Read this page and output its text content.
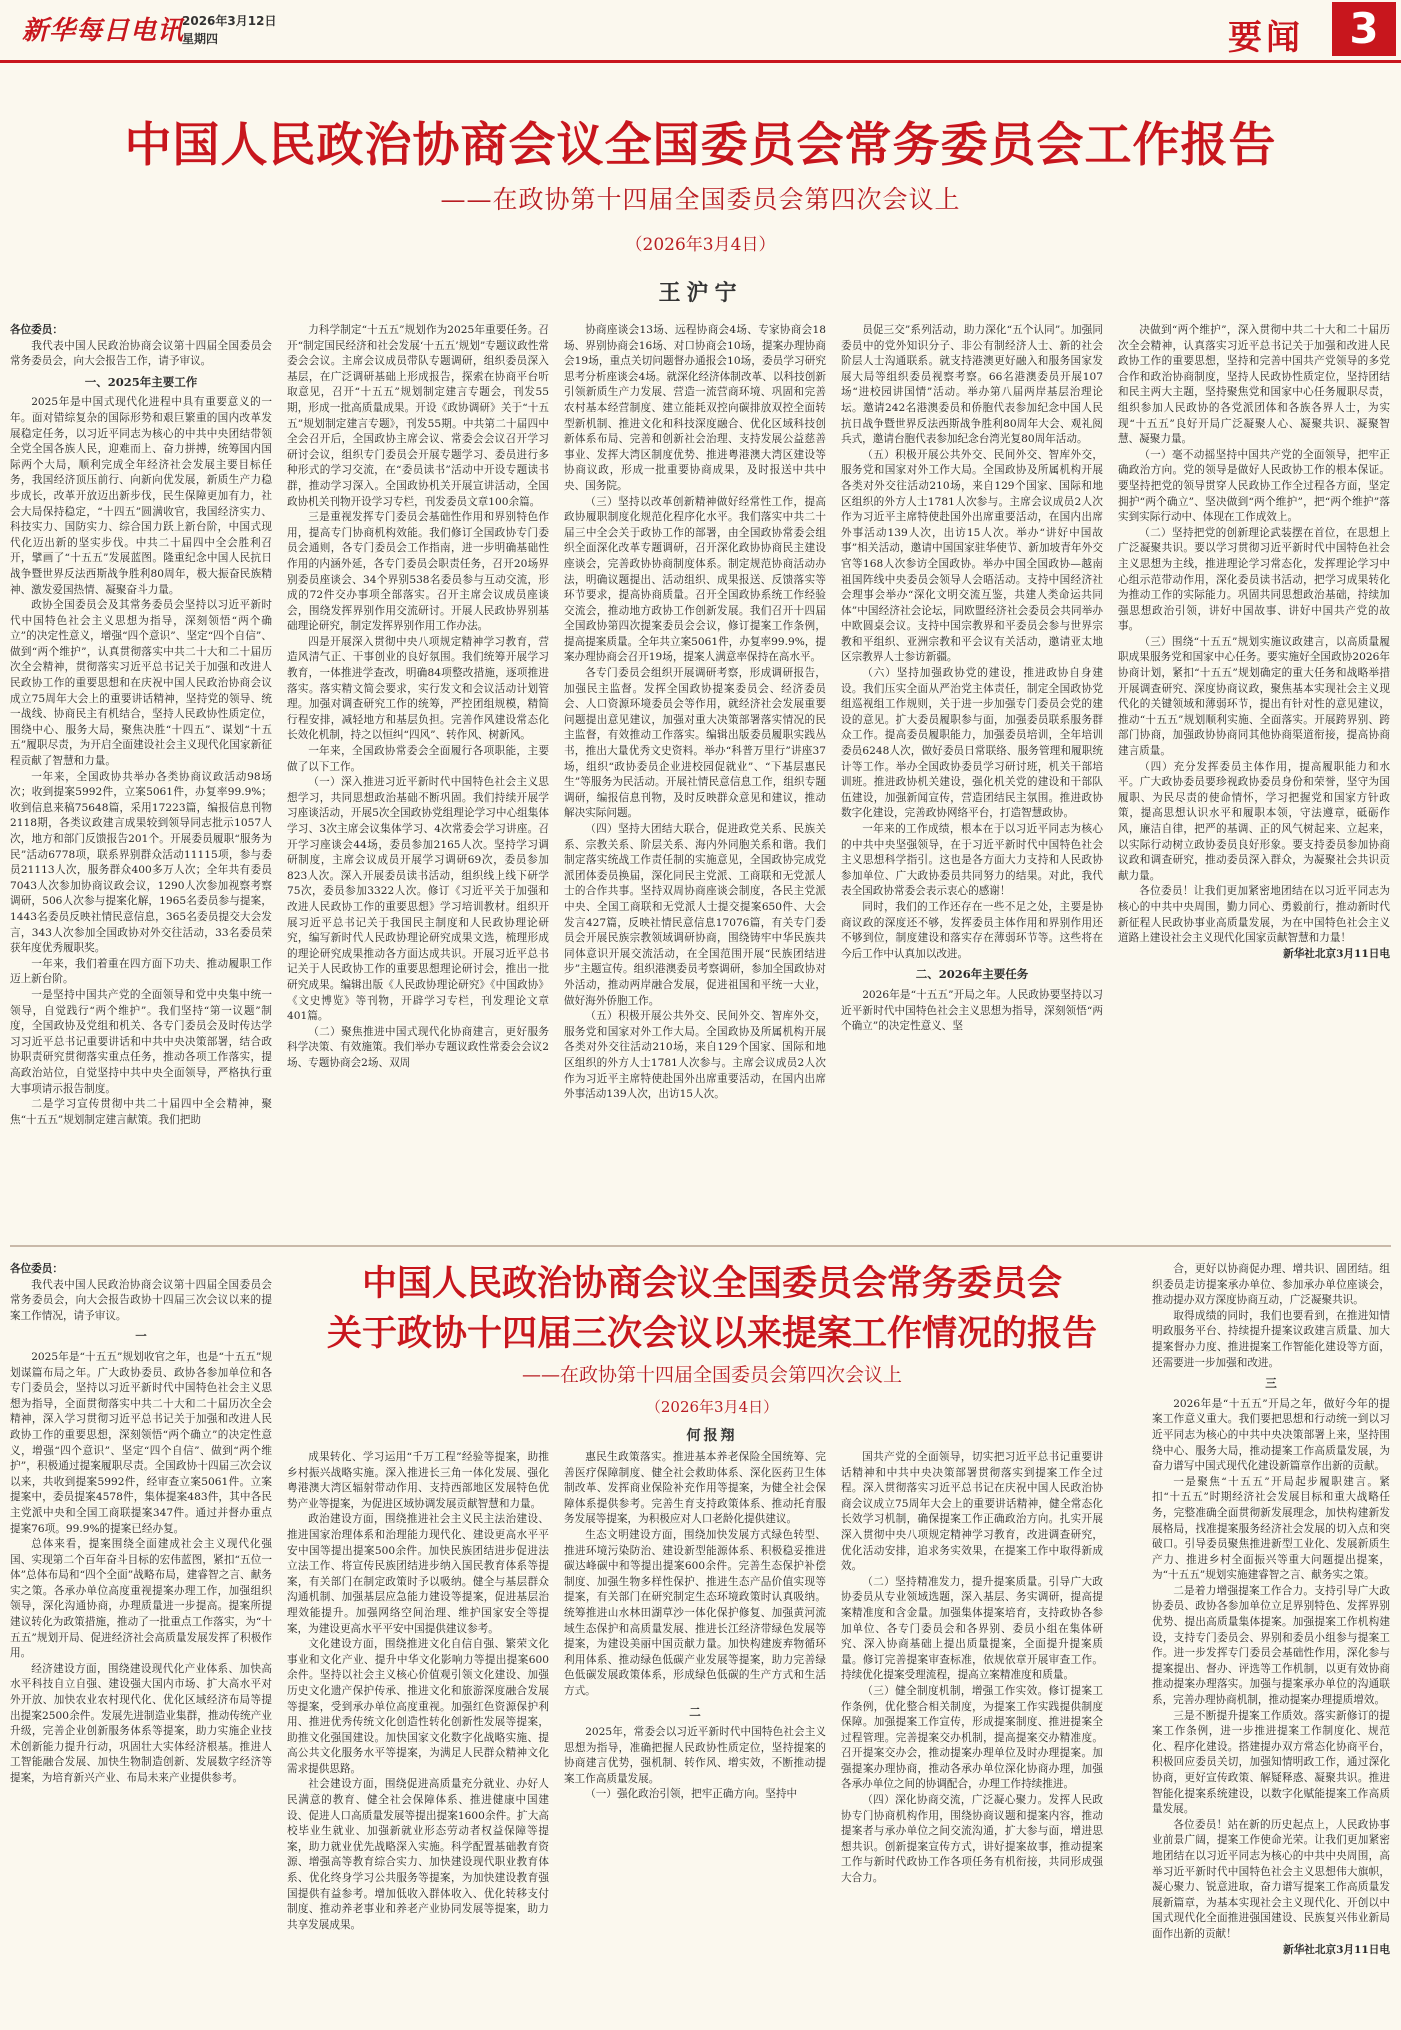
新华每日电讯
2026年3月12日
星期四	要闻	3
中国人民政治协商会议全国委员会常务委员会工作报告
——在政协第十四届全国委员会第四次会议上
（2026年3月4日）
王沪宁

各位委员：

我代表中国人民政治协商会议第十四届全国委员会常务委员会，向大会报告工作，请予审议。

一、2025年主要工作

2025年是中国式现代化进程中具有重要意义的一年。面对错综复杂的国际形势和艰巨繁重的国内改革发展稳定任务，以习近平同志为核心的中共中央团结带领全党全国各族人民，迎难而上、奋力拼搏，统筹国内国际两个大局，顺利完成全年经济社会发展主要目标任务，我国经济顶压前行、向新向优发展，新质生产力稳步成长，改革开放迈出新步伐，民生保障更加有力，社会大局保持稳定，“十四五”圆满收官，我国经济实力、科技实力、国防实力、综合国力跃上新台阶，中国式现代化迈出新的坚实步伐。中共二十届四中全会胜利召开，擘画了“十五五”发展蓝图。隆重纪念中国人民抗日战争暨世界反法西斯战争胜利80周年，极大振奋民族精神、激发爱国热情、凝聚奋斗力量。

政协全国委员会及其常务委员会坚持以习近平新时代中国特色社会主义思想为指导，深刻领悟“两个确立”的决定性意义，增强“四个意识”、坚定“四个自信”、做到“两个维护”，认真贯彻落实中共二十大和二十届历次全会精神，贯彻落实习近平总书记关于加强和改进人民政协工作的重要思想和在庆祝中国人民政治协商会议成立75周年大会上的重要讲话精神，坚持党的领导、统一战线、协商民主有机结合，坚持人民政协性质定位，围绕中心、服务大局，聚焦决胜“十四五”、谋划“十五五”履职尽责，为开启全面建设社会主义现代化国家新征程贡献了智慧和力量。

一年来，全国政协共举办各类协商议政活动98场次；收到提案5992件，立案5061件，办复率99.9%；收到信息来稿75648篇，采用17223篇，编报信息刊物2118期，各类议政建言成果较到领导同志批示1057人次，地方和部门反馈报告201个。开展委员履职“服务为民”活动6778项，联系界别群众活动11115项，参与委员21113人次，服务群众400多万人次；全年共有委员7043人次参加协商议政会议，1290人次参加视察考察调研，506人次参与提案化解，1965名委员参与提案，1443名委员反映社情民意信息，365名委员提交大会发言，343人次参加全国政协对外交往活动，33名委员荣获年度优秀履职奖。

一年来，我们着重在四方面下功夫、推动履职工作迈上新台阶。

一是坚持中国共产党的全面领导和党中央集中统一领导，自觉践行“两个维护”。我们坚持“第一议题”制度，全国政协及党组和机关、各专门委员会及时传达学习习近平总书记重要讲话和中共中央决策部署，结合政协职责研究贯彻落实重点任务，推动各项工作落实，提高政治站位，自觉坚持中共中央全面领导，严格执行重大事项请示报告制度。

二是学习宣传贯彻中共二十届四中全会精神，聚焦“十五五”规划制定建言献策。我们把助

力科学制定“十五五”规划作为2025年重要任务。召开“制定国民经济和社会发展‘十五五’规划”专题议政性常委会会议。主席会议成员带队专题调研，组织委员深入基层，在广泛调研基础上形成报告，探索在协商平台听取意见，召开“十五五”规划制定建言专题会，刊发55期，形成一批高质量成果。开设《政协调研》关于“十五五”规划制定建言专题》，刊发55期。中共第二十届四中全会召开后，全国政协主席会议、常委会会议召开学习研讨会议，组织专门委员会开展专题学习、委员进行多种形式的学习交流，在“委员读书”活动中开设专题读书群，推动学习深入。全国政协机关开展宣讲活动，全国政协机关刊物开设学习专栏，刊发委员文章100余篇。

三是重视发挥专门委员会基础性作用和界别特色作用，提高专门协商机构效能。我们修订全国政协专门委员会通则，各专门委员会工作指南，进一步明确基础性作用的内涵外延，各专门委员会职责任务，召开20场界别委员座谈会、34个界别538名委员参与互动交流，形成的72件交办事项全部落实。召开主席会议成员座谈会，围绕发挥界别作用交流研讨。开展人民政协界别基础理论研究，制定发挥界别作用工作办法。

四是开展深入贯彻中央八项规定精神学习教育，营造风清气正、干事创业的良好氛围。我们统筹开展学习教育，一体推进学查改，明确84项整改措施，逐项推进落实。落实精文简会要求，实行发文和会议活动计划管理。加强对调查研究工作的统筹，严控团组规模，精简行程安排，减轻地方和基层负担。完善作风建设常态化长效化机制，持之以恒纠“四风”、转作风、树新风。

一年来，全国政协常委会全面履行各项职能，主要做了以下工作。

（一）深入推进习近平新时代中国特色社会主义思想学习，共同思想政治基础不断巩固。我们持续开展学习座谈活动，开展5次全国政协党组理论学习中心组集体学习、3次主席会议集体学习、4次常委会学习讲座。召开学习座谈会44场，委员参加2165人次。坚持学习调研制度，主席会议成员开展学习调研69次，委员参加823人次。深入开展委员读书活动，组织线上线下研学75次，委员参加3322人次。修订《习近平关于加强和改进人民政协工作的重要思想》学习培训教材。组织开展习近平总书记关于我国民主制度和人民政协理论研究，编写新时代人民政协理论研究成果文选，梳理形成的理论研究成果推动各方面达成共识。开展习近平总书记关于人民政协工作的重要思想理论研讨会，推出一批研究成果。编辑出版《人民政协理论研究》《中国政协》《文史博览》等刊物，开辟学习专栏，刊发理论文章401篇。

（二）聚焦推进中国式现代化协商建言，更好服务科学决策、有效施策。我们举办专题议政性常委会会议2场、专题协商会2场、双周

协商座谈会13场、远程协商会4场、专家协商会18场、界别协商会16场、对口协商会10场，提案办理协商会19场，重点关切问题督办通报会10场，委员学习研究思考分析座谈会4场。就深化经济体制改革、以科技创新引领新质生产力发展、营造一流营商环境、巩固和完善农村基本经营制度、建立能耗双控向碳排放双控全面转型新机制、推进文化和科技深度融合、优化区域科技创新体系布局、完善和创新社会治理、支持发展公益慈善事业、发挥大湾区制度优势、推进粤港澳大湾区建设等协商议政，形成一批重要协商成果，及时报送中共中央、国务院。

（三）坚持以改革创新精神做好经常性工作，提高政协履职制度化规范化程序化水平。我们落实中共二十届三中全会关于政协工作的部署，由全国政协常委会组织全面深化改革专题调研，召开深化政协协商民主建设座谈会，完善政协协商制度体系。制定规范协商活动办法，明确议题提出、活动组织、成果报送、反馈落实等环节要求，提高协商质量。召开全国政协系统工作经验交流会，推动地方政协工作创新发展。我们召开十四届全国政协第四次提案委员会会议，修订提案工作条例，提高提案质量。全年共立案5061件，办复率99.9%，提案办理协商会召开19场，提案人满意率保持在高水平。

各专门委员会组织开展调研考察，形成调研报告，加强民主监督。发挥全国政协提案委员会、经济委员会、人口资源环境委员会等作用，就经济社会发展重要问题提出意见建议，加强对重大决策部署落实情况的民主监督，有效推动工作落实。编辑出版委员履职实践丛书，推出大量优秀文史资料。举办“科普万里行”讲座37场，组织“政协委员企业进校园促就业”、“下基层惠民生”等服务为民活动。开展社情民意信息工作，组织专题调研，编报信息刊物，及时反映群众意见和建议，推动解决实际问题。

（四）坚持大团结大联合，促进政党关系、民族关系、宗教关系、阶层关系、海内外同胞关系和谐。我们制定落实统战工作责任制的实施意见，全国政协完成党派团体委员换届，深化同民主党派、工商联和无党派人士的合作共事。坚持双周协商座谈会制度，各民主党派中央、全国工商联和无党派人士提交提案650件、大会发言427篇，反映社情民意信息17076篇，有关专门委员会开展民族宗教领域调研协商，围绕铸牢中华民族共同体意识开展交流活动，在全国范围开展“民族团结进步”主题宣传。组织港澳委员考察调研，参加全国政协对外活动，推动两岸融合发展，促进祖国和平统一大业，做好海外侨胞工作。

（五）积极开展公共外交、民间外交、智库外交，服务党和国家对外工作大局。全国政协及所属机构开展各类对外交往活动210场，来自129个国家、国际和地区组织的外方人士1781人次参与。主席会议成员2人次作为习近平主席特使赴国外出席重要活动，在国内出席外事活动139人次，出访15人次。

员促三交”系列活动，助力深化“五个认同”。加强同委员中的党外知识分子、非公有制经济人士、新的社会阶层人士沟通联系。就支持港澳更好融入和服务国家发展大局等组织委员视察考察。66名港澳委员开展107场“进校园讲国情”活动。举办第八届两岸基层治理论坛。邀请242名港澳委员和侨胞代表参加纪念中国人民抗日战争暨世界反法西斯战争胜利80周年大会、观礼阅兵式，邀请台胞代表参加纪念台湾光复80周年活动。

（五）积极开展公共外交、民间外交、智库外交，服务党和国家对外工作大局。全国政协及所属机构开展各类对外交往活动210场，来自129个国家、国际和地区组织的外方人士1781人次参与。主席会议成员2人次作为习近平主席特使赴国外出席重要活动，在国内出席外事活动139人次，出访15人次。举办“讲好中国故事”相关活动，邀请中国国家驻华使节、新加坡青年外交官等168人次参访全国政协。举办中国全国政协—越南祖国阵线中央委员会领导人会晤活动。支持中国经济社会理事会举办“深化文明交流互鉴，共建人类命运共同体”中国经济社会论坛，同欧盟经济社会委员会共同举办中欧圆桌会议。支持中国宗教界和平委员会参与世界宗教和平组织、亚洲宗教和平会议有关活动，邀请亚太地区宗教界人士参访新疆。

（六）坚持加强政协党的建设，推进政协自身建设。我们压实全面从严治党主体责任，制定全国政协党组巡视组工作规则，关于进一步加强专门委员会党的建设的意见。扩大委员履职参与面，加强委员联系服务群众工作。提高委员履职能力，加强委员培训，全年培训委员6248人次，做好委员日常联络、服务管理和履职统计等工作。举办全国政协委员学习研讨班，机关干部培训班。推进政协机关建设，强化机关党的建设和干部队伍建设，加强新闻宣传，营造团结民主氛围。推进政协数字化建设，完善政协网络平台，打造智慧政协。

一年来的工作成绩，根本在于以习近平同志为核心的中共中央坚强领导，在于习近平新时代中国特色社会主义思想科学指引。这也是各方面大力支持和人民政协参加单位、广大政协委员共同努力的结果。对此，我代表全国政协常委会表示衷心的感谢！

同时，我们的工作还存在一些不足之处，主要是协商议政的深度还不够，发挥委员主体作用和界别作用还不够到位，制度建设和落实存在薄弱环节等。这些将在今后工作中认真加以改进。

二、2026年主要任务

2026年是“十五五”开局之年。人民政协要坚持以习近平新时代中国特色社会主义思想为指导，深刻领悟“两个确立”的决定性意义、坚

决做到“两个维护”，深入贯彻中共二十大和二十届历次全会精神，认真落实习近平总书记关于加强和改进人民政协工作的重要思想，坚持和完善中国共产党领导的多党合作和政治协商制度，坚持人民政协性质定位，坚持团结和民主两大主题，坚持聚焦党和国家中心任务履职尽责，组织参加人民政协的各党派团体和各族各界人士，为实现“十五五”良好开局广泛凝聚人心、凝聚共识、凝聚智慧、凝聚力量。

（一）毫不动摇坚持中国共产党的全面领导，把牢正确政治方向。党的领导是做好人民政协工作的根本保证。要坚持把党的领导贯穿人民政协工作全过程各方面，坚定拥护“两个确立”、坚决做到“两个维护”，把“两个维护”落实到实际行动中、体现在工作成效上。

（二）坚持把党的创新理论武装摆在首位，在思想上广泛凝聚共识。要以学习贯彻习近平新时代中国特色社会主义思想为主线，推进理论学习常态化，发挥理论学习中心组示范带动作用，深化委员读书活动，把学习成果转化为推动工作的实际能力。巩固共同思想政治基础，持续加强思想政治引领，讲好中国故事、讲好中国共产党的故事。

（三）围绕“十五五”规划实施议政建言，以高质量履职成果服务党和国家中心任务。要实施好全国政协2026年协商计划，紧扣“十五五”规划确定的重大任务和战略举措开展调查研究、深度协商议政，聚焦基本实现社会主义现代化的关键领域和薄弱环节，提出有针对性的意见建议，推动“十五五”规划顺利实施、全面落实。开展跨界别、跨部门协商，加强政协协商同其他协商渠道衔接，提高协商建言质量。

（四）充分发挥委员主体作用，提高履职能力和水平。广大政协委员要珍视政协委员身份和荣誉，坚守为国履职、为民尽责的使命情怀，学习把握党和国家方针政策，提高思想认识水平和履职本领，守法遵章，砥砺作风，廉洁自律，把严的基调、正的风气树起来、立起来，以实际行动树立政协委员良好形象。要支持委员参加协商议政和调查研究，推动委员深入群众，为凝聚社会共识贡献力量。

各位委员！让我们更加紧密地团结在以习近平同志为核心的中共中央周围，勤力同心、勇毅前行，推动新时代新征程人民政协事业高质量发展，为在中国特色社会主义道路上建设社会主义现代化国家贡献智慧和力量！

新华社北京3月11日电

各位委员：

我代表中国人民政治协商会议第十四届全国委员会常务委员会，向大会报告政协十四届三次会议以来的提案工作情况，请予审议。

一

2025年是“十五五”规划收官之年，也是“十五五”规划谋篇布局之年。广大政协委员、政协各参加单位和各专门委员会，坚持以习近平新时代中国特色社会主义思想为指导，全面贯彻落实中共二十大和二十届历次全会精神，深入学习贯彻习近平总书记关于加强和改进人民政协工作的重要思想，深刻领悟“两个确立”的决定性意义，增强“四个意识”、坚定“四个自信”、做到“两个维护”，积极通过提案履职尽责。全国政协十四届三次会议以来，共收到提案5992件，经审查立案5061件。立案提案中，委员提案4578件，集体提案483件，其中各民主党派中央和全国工商联提案347件。通过并督办重点提案76项。99.9%的提案已经办复。

总体来看，提案围绕全面建成社会主义现代化强国、实现第二个百年奋斗目标的宏伟蓝图，紧扣“五位一体”总体布局和“四个全面”战略布局，建睿智之言、献务实之策。各承办单位高度重视提案办理工作，加强组织领导，深化沟通协商，办理质量进一步提高。提案所提建议转化为政策措施，推动了一批重点工作落实，为“十五五”规划开局、促进经济社会高质量发展发挥了积极作用。

经济建设方面，围绕建设现代化产业体系、加快高水平科技自立自强、建设强大国内市场、扩大高水平对外开放、加快农业农村现代化、优化区域经济布局等提出提案2500余件。发展先进制造业集群，推动传统产业升级，完善企业创新服务体系等提案，助力实施企业技术创新能力提升行动，巩固壮大实体经济根基。推进人工智能融合发展、加快生物制造创新、发展数字经济等提案，为培育新兴产业、布局未来产业提供参考。

中国人民政治协商会议全国委员会常务委员会
关于政协十四届三次会议以来提案工作情况的报告
——在政协第十四届全国委员会第四次会议上
（2026年3月4日）
何报翔

成果转化、学习运用“千万工程”经验等提案，助推乡村振兴战略实施。深入推进长三角一体化发展、强化粤港澳大湾区辐射带动作用、支持西部地区发展特色优势产业等提案，为促进区域协调发展贡献智慧和力量。

政治建设方面，围绕推进社会主义民主法治建设、推进国家治理体系和治理能力现代化、建设更高水平平安中国等提出提案500余件。加快民族团结进步促进法立法工作、将宣传民族团结进步纳入国民教育体系等提案，有关部门在制定政策时予以吸纳。健全与基层群众沟通机制、加强基层应急能力建设等提案，促进基层治理效能提升。加强网络空间治理、维护国家安全等提案，为建设更高水平平安中国提供建议参考。

文化建设方面，围绕推进文化自信自强、繁荣文化事业和文化产业、提升中华文化影响力等提出提案600余件。坚持以社会主义核心价值观引领文化建设、加强历史文化遗产保护传承、推进文化和旅游深度融合发展等提案，受到承办单位高度重视。加强红色资源保护利用、推进优秀传统文化创造性转化创新性发展等提案，助推文化强国建设。加快国家文化数字化战略实施、提高公共文化服务水平等提案，为满足人民群众精神文化需求提供思路。

社会建设方面，围绕促进高质量充分就业、办好人民满意的教育、健全社会保障体系、推进健康中国建设、促进人口高质量发展等提出提案1600余件。扩大高校毕业生就业、加强新就业形态劳动者权益保障等提案，助力就业优先战略深入实施。科学配置基础教育资源、增强高等教育综合实力、加快建设现代职业教育体系、优化终身学习公共服务等提案，为加快建设教育强国提供有益参考。增加低收入群体收入、优化转移支付制度、推动养老事业和养老产业协同发展等提案，助力共享发展成果。

惠民生政策落实。推进基本养老保险全国统筹、完善医疗保障制度、健全社会救助体系、深化医药卫生体制改革、发挥商业保险补充作用等提案，为健全社会保障体系提供参考。完善生育支持政策体系、推动托育服务发展等提案，为积极应对人口老龄化提供建议。

生态文明建设方面，围绕加快发展方式绿色转型、推进环境污染防治、建设新型能源体系、积极稳妥推进碳达峰碳中和等提出提案600余件。完善生态保护补偿制度、加强生物多样性保护、推进生态产品价值实现等提案，有关部门在研究制定生态环境政策时认真吸纳。统筹推进山水林田湖草沙一体化保护修复、加强黄河流域生态保护和高质量发展、推进长江经济带绿色发展等提案，为建设美丽中国贡献力量。加快构建废弃物循环利用体系、推动绿色低碳产业发展等提案，助力完善绿色低碳发展政策体系，形成绿色低碳的生产方式和生活方式。

二

2025年，常委会以习近平新时代中国特色社会主义思想为指导，准确把握人民政协性质定位，坚持提案的协商建言优势，强机制、转作风、增实效，不断推动提案工作高质量发展。

（一）强化政治引领，把牢正确方向。坚持中

国共产党的全面领导，切实把习近平总书记重要讲话精神和中共中央决策部署贯彻落实到提案工作全过程。深入贯彻落实习近平总书记在庆祝中国人民政治协商会议成立75周年大会上的重要讲话精神，健全常态化长效学习机制，确保提案工作正确政治方向。扎实开展深入贯彻中央八项规定精神学习教育，改进调查研究，优化活动安排，追求务实效果，在提案工作中取得新成效。

（二）坚持精准发力，提升提案质量。引导广大政协委员从专业领域选题，深入基层、务实调研，提高提案精准度和含金量。加强集体提案培育，支持政协各参加单位、各专门委员会和各界别、委员小组在集体研究、深入协商基础上提出质量提案，全面提升提案质量。修订完善提案审查标准，依规依章开展审查工作。持续优化提案受理流程，提高立案精准度和质量。

（三）健全制度机制，增强工作实效。修订提案工作条例，优化整合相关制度，为提案工作实践提供制度保障。加强提案工作宣传，形成提案制度、推进提案全过程管理。完善提案交办机制，提高提案交办精准度。召开提案交办会，推动提案办理单位及时办理提案。加强提案办理协商，推动各承办单位深化协商办理，加强各承办单位之间的协调配合，办理工作持续推进。

（四）深化协商交流，广泛凝心聚力。发挥人民政协专门协商机构作用，围绕协商议题和提案内容，推动提案者与承办单位之间交流沟通，扩大参与面，增进思想共识。创新提案宣传方式，讲好提案故事，推动提案工作与新时代政协工作各项任务有机衔接，共同形成强大合力。

合，更好以协商促办理、增共识、固团结。组织委员走访提案承办单位、参加承办单位座谈会，推动提办双方深度协商互动，广泛凝聚共识。

取得成绩的同时，我们也要看到，在推进知情明政服务平台、持续提升提案议政建言质量、加大提案督办力度、推进提案工作智能化建设等方面，还需要进一步加强和改进。

三

2026年是“十五五”开局之年，做好今年的提案工作意义重大。我们要把思想和行动统一到以习近平同志为核心的中共中央决策部署上来，坚持围绕中心、服务大局，推动提案工作高质量发展，为奋力谱写中国式现代化建设新篇章作出新的贡献。

一是聚焦“十五五”开局起步履职建言。紧扣“十五五”时期经济社会发展目标和重大战略任务，完整准确全面贯彻新发展理念，加快构建新发展格局，找准提案服务经济社会发展的切入点和突破口。引导委员聚焦推进新型工业化、发展新质生产力、推进乡村全面振兴等重大问题提出提案，为“十五五”规划实施建睿智之言、献务实之策。

二是着力增强提案工作合力。支持引导广大政协委员、政协各参加单位立足界别特色、发挥界别优势、提出高质量集体提案。加强提案工作机构建设，支持专门委员会、界别和委员小组参与提案工作。进一步发挥专门委员会基础性作用，深化参与提案提出、督办、评选等工作机制，以更有效协商推动提案办理落实。加强与提案承办单位的沟通联系，完善办理协商机制，推动提案办理提质增效。

三是不断提升提案工作质效。落实新修订的提案工作条例，进一步推进提案工作制度化、规范化、程序化建设。搭建提办双方常态化协商平台，积极回应委员关切，加强知情明政工作，通过深化协商，更好宣传政策、解疑释惑、凝聚共识。推进智能化提案系统建设，以数字化赋能提案工作高质量发展。

各位委员！站在新的历史起点上，人民政协事业前景广阔，提案工作使命光荣。让我们更加紧密地团结在以习近平同志为核心的中共中央周围，高举习近平新时代中国特色社会主义思想伟大旗帜，凝心聚力、锐意进取，奋力谱写提案工作高质量发展新篇章，为基本实现社会主义现代化、开创以中国式现代化全面推进强国建设、民族复兴伟业新局面作出新的贡献！

新华社北京3月11日电
